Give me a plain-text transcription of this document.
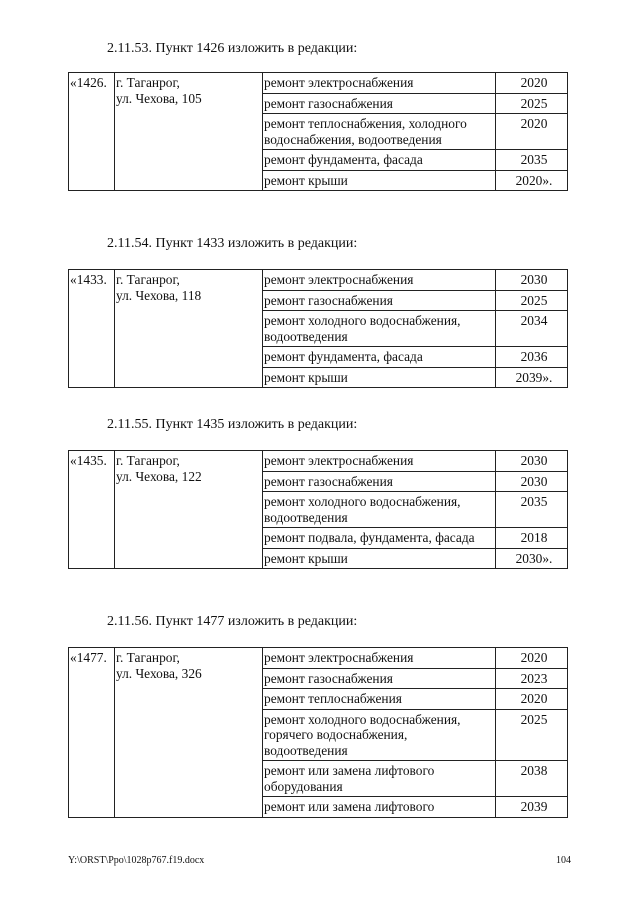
2.11.53. Пункт 1426 изложить в редакции:
«1426.	г. Таганрог,
ул. Чехова, 105	ремонт электроснабжения	2020
		ремонт газоснабжения	2025
		ремонт теплоснабжения, холодного водоснабжения, водоотведения	2020
		ремонт фундамента, фасада	2035
		ремонт крыши	2020».
2.11.54. Пункт 1433 изложить в редакции:
«1433.	г. Таганрог,
ул. Чехова, 118	ремонт электроснабжения	2030
		ремонт газоснабжения	2025
		ремонт холодного водоснабжения, водоотведения	2034
		ремонт фундамента, фасада	2036
		ремонт крыши	2039».
2.11.55. Пункт 1435 изложить в редакции:
«1435.	г. Таганрог,
ул. Чехова, 122	ремонт электроснабжения	2030
		ремонт газоснабжения	2030
		ремонт холодного водоснабжения, водоотведения	2035
		ремонт подвала, фундамента, фасада	2018
		ремонт крыши	2030».
2.11.56. Пункт 1477 изложить в редакции:
«1477.	г. Таганрог,
ул. Чехова, 326	ремонт электроснабжения	2020
		ремонт газоснабжения	2023
		ремонт теплоснабжения	2020
		ремонт холодного водоснабжения, горячего водоснабжения, водоотведения	2025
		ремонт или замена лифтового оборудования	2038
		ремонт или замена лифтового	2039
Y:\ORST\Ppo\1028p767.f19.docx	104
